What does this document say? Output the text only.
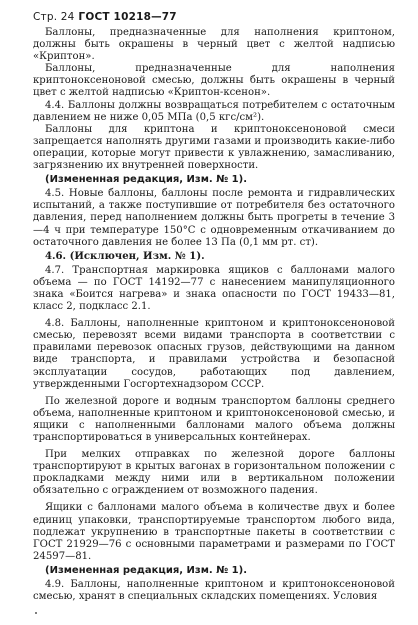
Стр. 24 ГОСТ 10218—77

Баллоны, предназначенные для наполнения криптоном, должны быть окрашены в черный цвет с желтой надписью «Криптон».

Баллоны, предназначенные для наполнения криптоноксеноновой смесью, должны быть окрашены в черный цвет с желтой надписью «Криптон-ксенон».

4.4. Баллоны должны возвращаться потребителем с остаточным давлением не ниже 0,05 МПа (0,5 кгс/см²).

Баллоны для криптона и криптоноксеноновой смеси запрещается наполнять другими газами и производить какие-либо операции, которые могут привести к увлажнению, замасливанию, загрязнению их внутренней поверхности.

(Измененная редакция, Изм. № 1).

4.5. Новые баллоны, баллоны после ремонта и гидравлических испытаний, а также поступившие от потребителя без остаточного давления, перед наполнением должны быть прогреты в течение 3—4 ч при температуре 150°С с одновременным откачиванием до остаточного давления не более 13 Па (0,1 мм рт. ст).

4.6. (Исключен, Изм. № 1).

4.7. Транспортная маркировка ящиков с баллонами малого объема — по ГОСТ 14192—77 с нанесением манипуляционного знака «Боится нагрева» и знака опасности по ГОСТ 19433—81, класс 2, подкласс 2.1.

4.8. Баллоны, наполненные криптоном и криптоноксеноновой смесью, перевозят всеми видами транспорта в соответствии с правилами перевозок опасных грузов, действующими на данном виде транспорта, и правилами устройства и безопасной эксплуатации сосудов, работающих под давлением, утвержденными Госгортехнадзором СССР.

По железной дороге и водным транспортом баллоны среднего объема, наполненные криптоном и криптоноксеноновой смесью, и ящики с наполненными баллонами малого объема должны транспортироваться в универсальных контейнерах.

При мелких отправках по железной дороге баллоны транспортируют в крытых вагонах в горизонтальном положении с прокладками между ними или в вертикальном положении обязательно с ограждением от возможного падения.

Ящики с баллонами малого объема в количестве двух и более единиц упаковки, транспортируемые транспортом любого вида, подлежат укрупнению в транспортные пакеты в соответствии с ГОСТ 21929—76 с основными параметрами и размерами по ГОСТ 24597—81.

(Измененная редакция, Изм. № 1).

4.9. Баллоны, наполненные криптоном и криптоноксеноновой смесью, хранят в специальных складских помещениях. Условия
